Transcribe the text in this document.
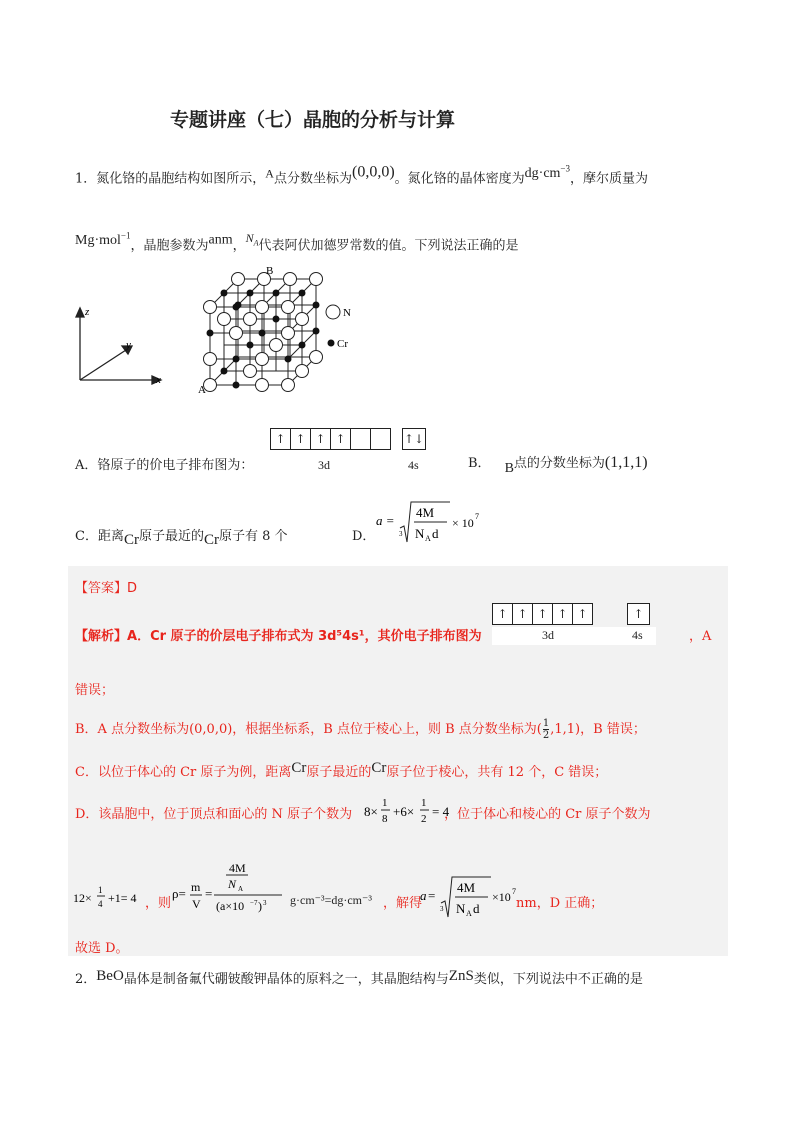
专题讲座（七）晶胞的分析与计算
1．氮化铬的晶胞结构如图所示，$^A$点分数坐标为(0,0,0)。氮化铬的晶体密度为$dg\cdot cm^{-3}$，摩尔质量为
Mg·mol$^{-1}$，晶胞参数为anm，$N_A$代表阿伏加德罗常数的值。下列说法正确的是
z
y
x
A
B
N
Cr
A．铬原子的价电子排布图为：
↑ ↑ ↑ ↑	↑↓
3d	4s	B． B点的分数坐标为(1,1,1)
C．距离Cr原子最近的Cr原子有 8 个	D．
a =
3
4M
N A d
× 10 7
【答案】D
【解析】A．Cr 原子的价层电子排布式为 3d⁵4s¹，其价电子排布图为
↑ ↑ ↑ ↑ ↑	↑
3d	4s	，A
错误；
B．A 点分数坐标为(0,0,0)，根据坐标系，B 点位于棱心上，则 B 点分数坐标为( $\frac{1}{2} ,1,1$)，B 错误；
C．以位于体心的 Cr 原子为例，距离Cr原子最近的Cr原子位于棱心，共有 12 个，C 错误；
D．该晶胞中，位于顶点和面心的 N 原子个数为	，位于体心和棱心的 Cr 原子个数为
8×
1
8 +6×
1
2 = 4
12×
1
4 +1= 4 ，则
ρ= m
V
=
4M
N A
(a×10 −7 ) 3 g·cm⁻³=dg·cm⁻³ ，解得
a =
3
4M
N A d
×10 7
nm，D 正确；
故选 D。
2．BeO晶体是制备氟代硼铍酸钾晶体的原料之一，其晶胞结构与ZnS类似，下列说法中不正确的是
